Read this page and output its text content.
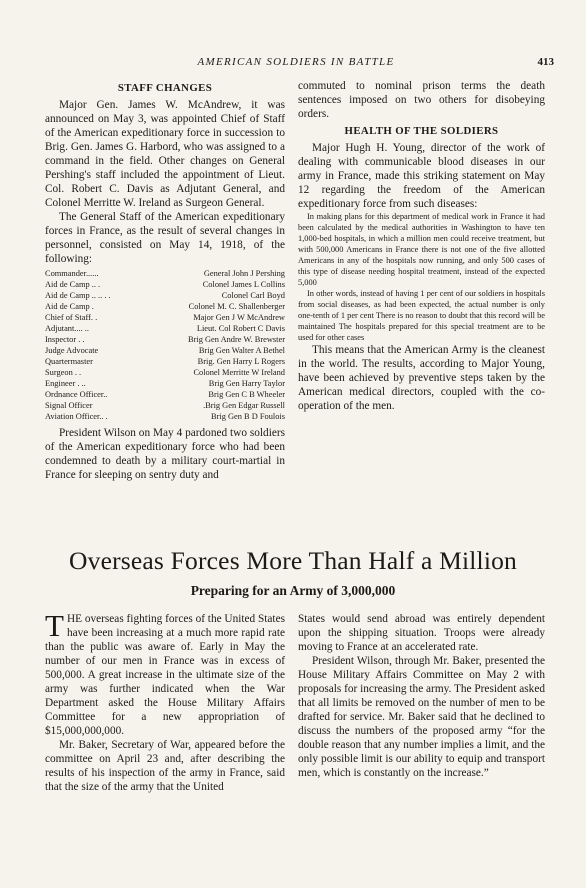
AMERICAN SOLDIERS IN BATTLE	413

STAFF CHANGES

Major Gen. James W. McAndrew, it was announced on May 3, was appointed Chief of Staff of the American expeditionary force in succession to Brig. Gen. James G. Harbord, who was assigned to a command in the field. Other changes on General Pershing's staff included the appointment of Lieut. Col. Robert C. Davis as Adjutant General, and Colonel Merritte W. Ireland as Surgeon General.

The General Staff of the American expeditionary forces in France, as the result of several changes in personnel, consisted on May 14, 1918, of the following:

Commander......	General John J Pershing
Aid de Camp .. .	Colonel James L Collins
Aid de Camp .. .. . .	Colonel Carl Boyd
Aid de Camp .	Colonel M. C. Shallenberger
Chief of Staff. .	Major Gen J W McAndrew
Adjutant.... ..	Lieut. Col Robert C Davis
Inspector . .	Brig Gen Andre W. Brewster
Judge Advocate	Brig Gen Walter A Bethel
Quartermaster	Brig. Gen Harry L Rogers
Surgeon . .	Colonel Merritte W Ireland
Engineer . ..	Brig Gen Harry Taylor
Ordnance Officer..	Brig Gen C B Wheeler
Signal Officer	.Brig Gen Edgar Russell
Aviation Officer.. .	Brig Gen B D Foulois

President Wilson on May 4 pardoned two soldiers of the American expeditionary force who had been condemned to death by a military court-martial in France for sleeping on sentry duty and

commuted to nominal prison terms the death sentences imposed on two others for disobeying orders.

HEALTH OF THE SOLDIERS

Major Hugh H. Young, director of the work of dealing with communicable blood diseases in our army in France, made this striking statement on May 12 regarding the freedom of the American expeditionary force from such diseases:

In making plans for this department of medical work in France it had been calculated by the medical authorities in Washington to have ten 1,000-bed hospitals, in which a million men could receive treatment, but with 500,000 Americans in France there is not one of the five allotted Americans in any of the hospitals now running, and only 500 cases of this type of disease needing hospital treatment, instead of the expected 5,000

In other words, instead of having 1 per cent of our soldiers in hospitals from social diseases, as had been expected, the actual number is only one-tenth of 1 per cent There is no reason to doubt that this record will be maintained The hospitals prepared for this special treatment are to be used for other cases

This means that the American Army is the cleanest in the world. The results, according to Major Young, have been achieved by preventive steps taken by the American medical directors, coupled with the co-operation of the men.

Overseas Forces More Than Half a Million
Preparing for an Army of 3,000,000
T HE overseas fighting forces of the United States have been increasing at a much more rapid rate than the public was aware of. Early in May the number of our men in France was in excess of 500,000. A great increase in the ultimate size of the army was further indicated when the War Department asked the House Military Affairs Committee for a new appropriation of $15,000,000,000.

Mr. Baker, Secretary of War, appeared before the committee on April 23 and, after describing the results of his inspection of the army in France, said that the size of the army that the United

States would send abroad was entirely dependent upon the shipping situation. Troops were already moving to France at an accelerated rate.

President Wilson, through Mr. Baker, presented the House Military Affairs Committee on May 2 with proposals for increasing the army. The President asked that all limits be removed on the number of men to be drafted for service. Mr. Baker said that he declined to discuss the numbers of the proposed army “for the double reason that any number implies a limit, and the only possible limit is our ability to equip and transport men, which is constantly on the increase.”
